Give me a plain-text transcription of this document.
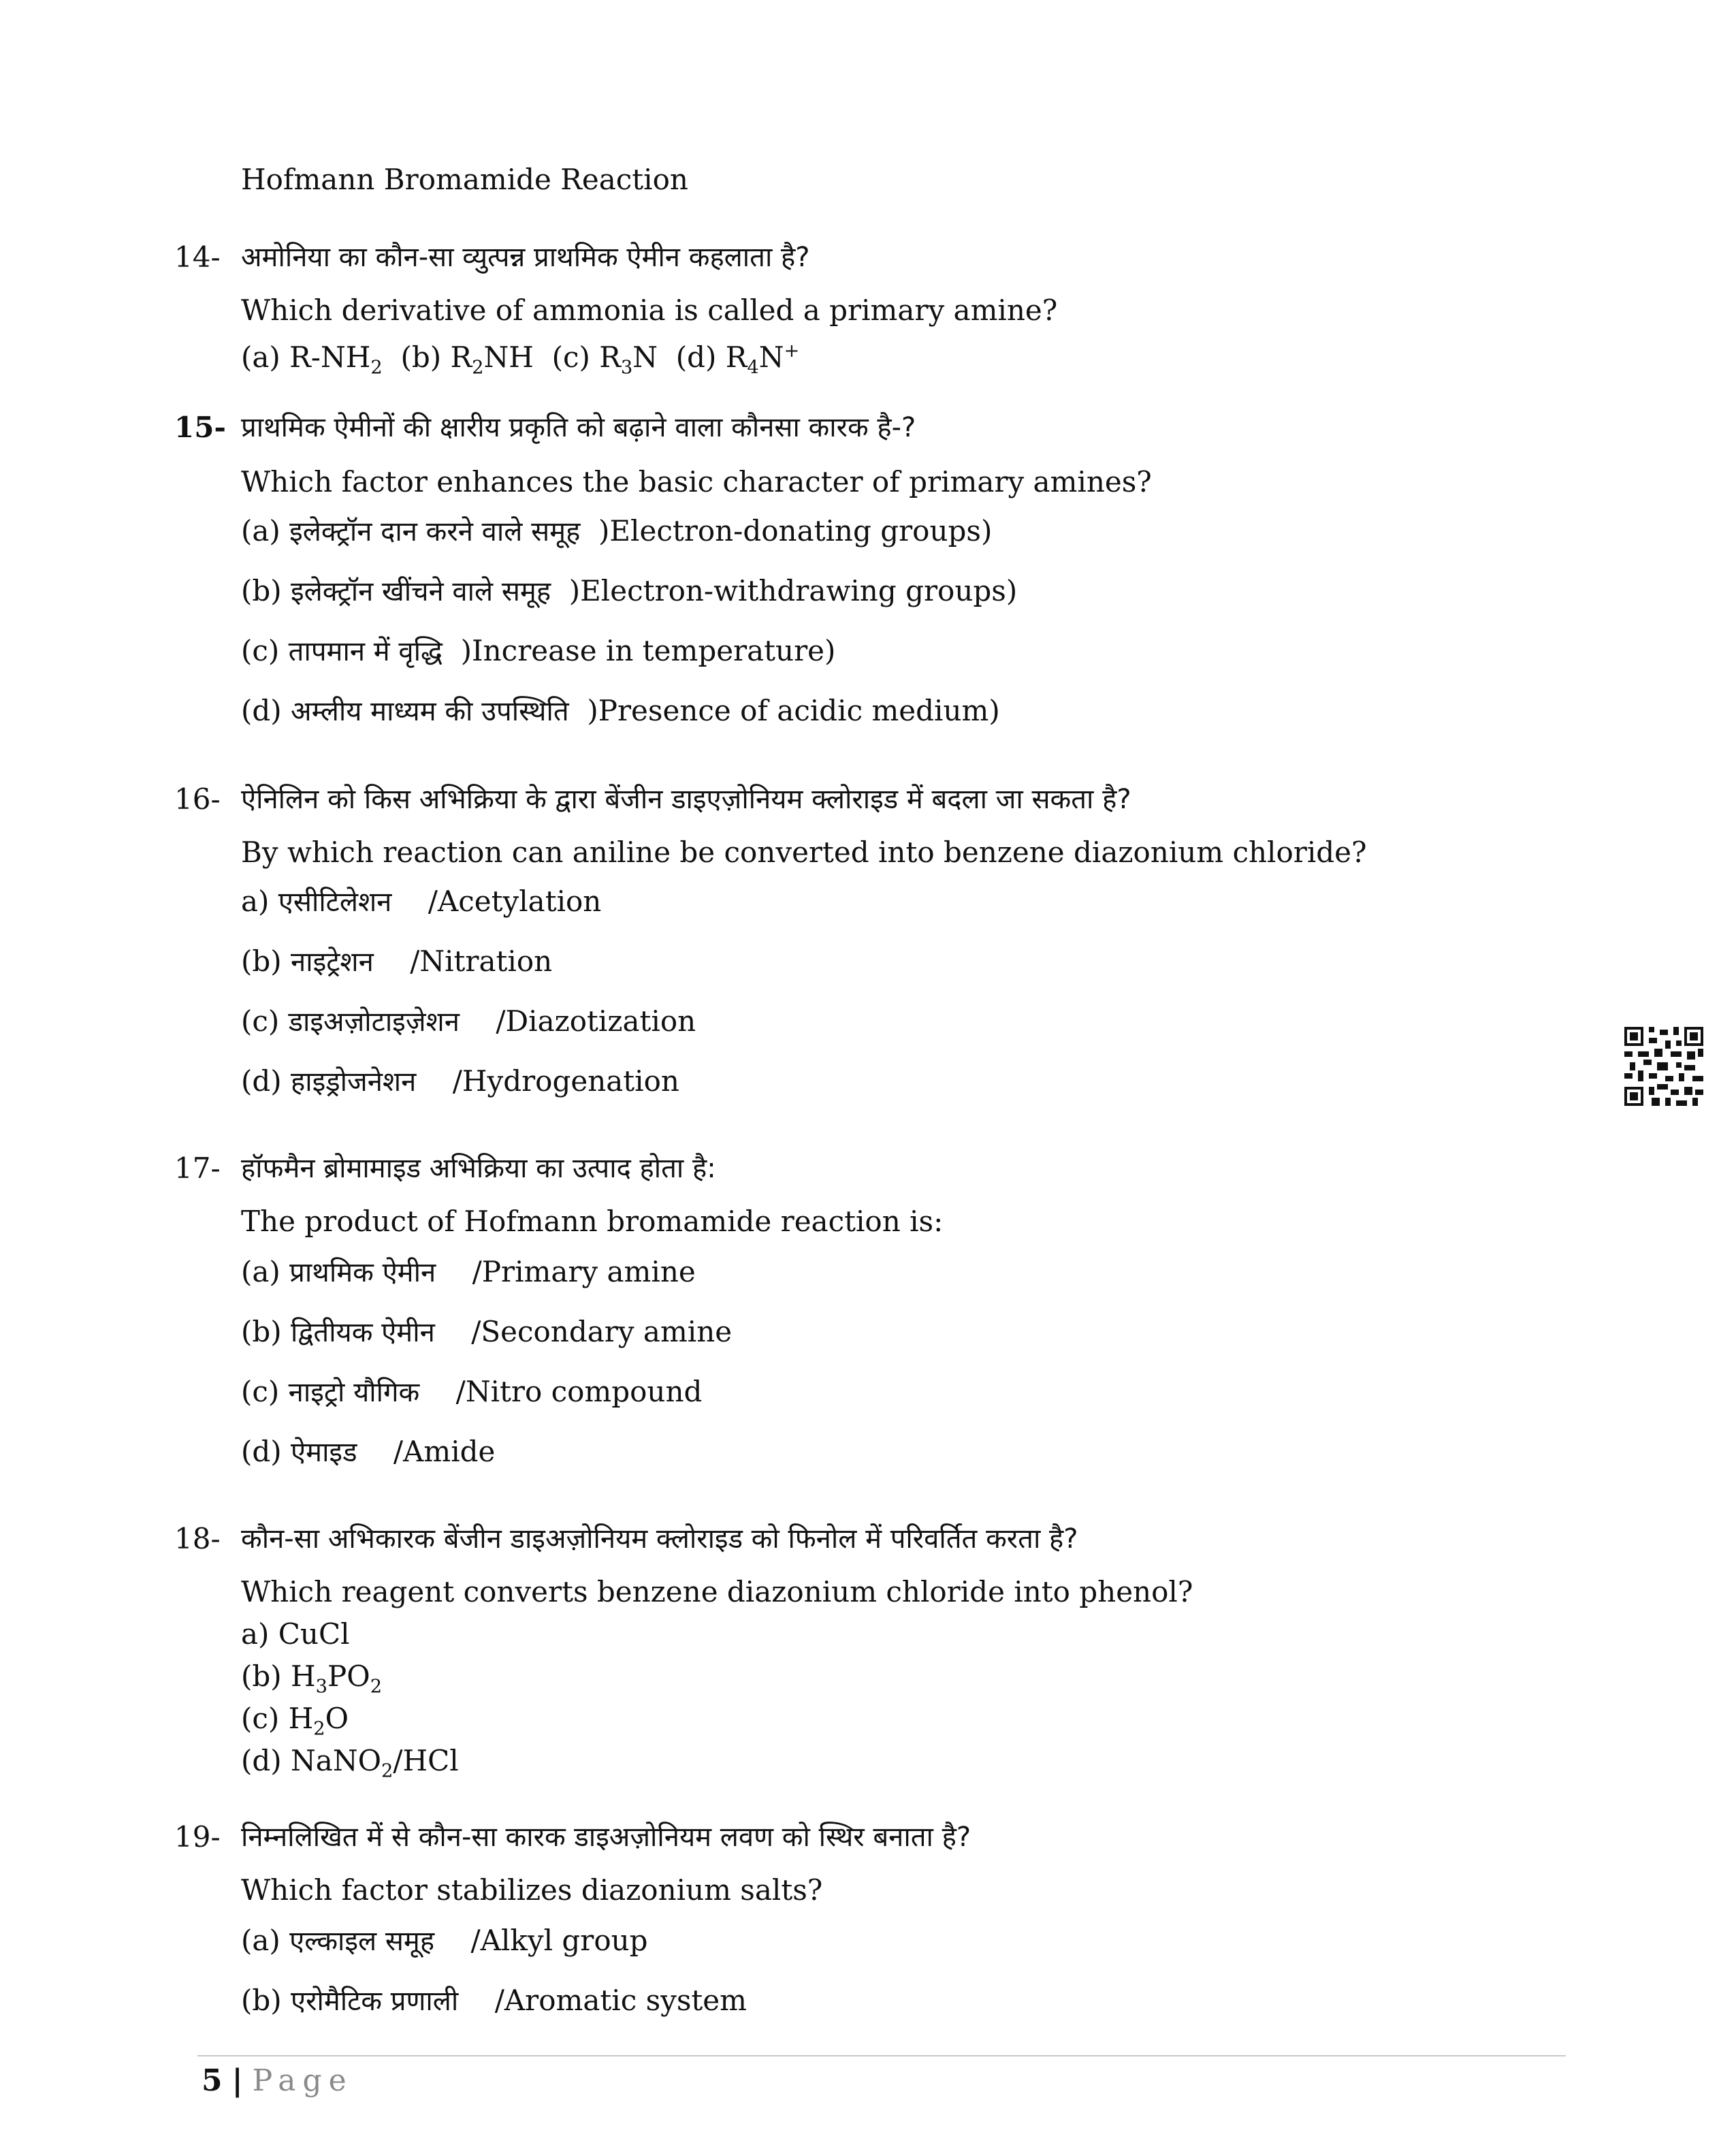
Hofmann Bromamide Reaction
14- अमोनिया का कौन-सा व्युत्पन्न प्राथमिक ऐमीन कहलाता है?
Which derivative of ammonia is called a primary amine?
(a) $R-NH_2$ (b) $R_2NH$ (c) $R_3N$ (d) $R_4N^+$
15- प्राथमिक ऐमीनों की क्षारीय प्रकृति को बढ़ाने वाला कौनसा कारक है-?
Which factor enhances the basic character of primary amines?
(a) इलेक्ट्रॉन दान करने वाले समूह )Electron-donating groups)
(b) इलेक्ट्रॉन खींचने वाले समूह )Electron-withdrawing groups)
(c) तापमान में वृद्धि )Increase in temperature)
(d) अम्लीय माध्यम की उपस्थिति )Presence of acidic medium)
16- ऐनिलिन को किस अभिक्रिया के द्वारा बेंजीन डाइएज़ोनियम क्लोराइड में बदला जा सकता है?
By which reaction can aniline be converted into benzene diazonium chloride?
a) एसीटिलेशन /Acetylation
(b) नाइट्रेशन /Nitration
(c) डाइअज़ोटाइज़ेशन /Diazotization
(d) हाइड्रोजनेशन /Hydrogenation
17- हॉफमैन ब्रोमामाइड अभिक्रिया का उत्पाद होता है:
The product of Hofmann bromamide reaction is:
(a) प्राथमिक ऐमीन /Primary amine
(b) द्वितीयक ऐमीन /Secondary amine
(c) नाइट्रो यौगिक /Nitro compound
(d) ऐमाइड /Amide
18- कौन-सा अभिकारक बेंजीन डाइअज़ोनियम क्लोराइड को फिनोल में परिवर्तित करता है?
Which reagent converts benzene diazonium chloride into phenol?
a) CuCl
(b) $H_3PO_2$
(c) $H_2O$
(d) NaNO$_2$/HCl
19- निम्नलिखित में से कौन-सा कारक डाइअज़ोनियम लवण को स्थिर बनाता है?
Which factor stabilizes diazonium salts?
(a) एल्काइल समूह /Alkyl group
(b) एरोमैटिक प्रणाली /Aromatic system
5 | Page
